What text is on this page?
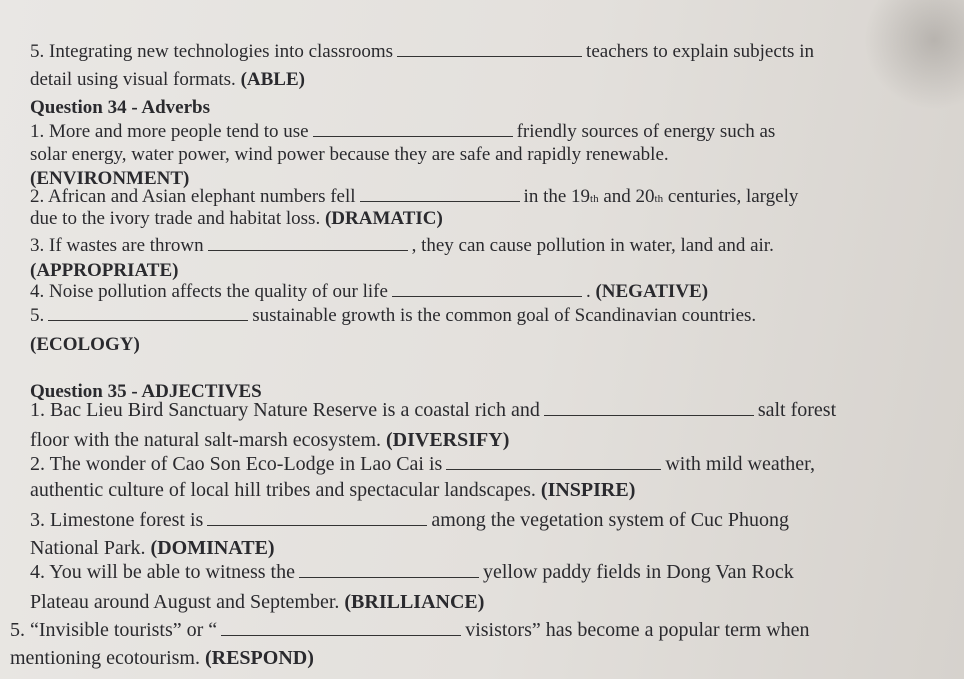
5. Integrating new technologies into classrooms	teachers to explain subjects in
detail using visual formats.
(ABLE)
Question 34 - Adverbs
1. More and more people tend to use	friendly sources of energy such as
solar energy, water power, wind power because they are safe and rapidly renewable.
(ENVIRONMENT)
2. African and Asian elephant numbers fell	in the 19 th
and 20 th
centuries, largely
due to the ivory trade and habitat loss.
(DRAMATIC)
3. If wastes are thrown	, they can cause pollution in water, land and air.
(APPROPRIATE)
4. Noise pollution affects the quality of our life	.
(NEGATIVE)
5.	sustainable growth is the common goal of Scandinavian countries.
(ECOLOGY)
Question 35 - ADJECTIVES
1. Bac Lieu Bird Sanctuary Nature Reserve is a coastal rich and	salt forest
floor with the natural salt-marsh ecosystem.
(DIVERSIFY)
2. The wonder of Cao Son Eco-Lodge in Lao Cai is	with mild weather,
authentic culture of local hill tribes and spectacular landscapes.
(INSPIRE)
3. Limestone forest is	among the vegetation system of Cuc Phuong
National Park.
(DOMINATE)
4. You will be able to witness the	yellow paddy fields in Dong Van Rock
Plateau around August and September.
(BRILLIANCE)
5. “Invisible tourists” or “	visistors” has become a popular term when
mentioning ecotourism.
(RESPOND)
